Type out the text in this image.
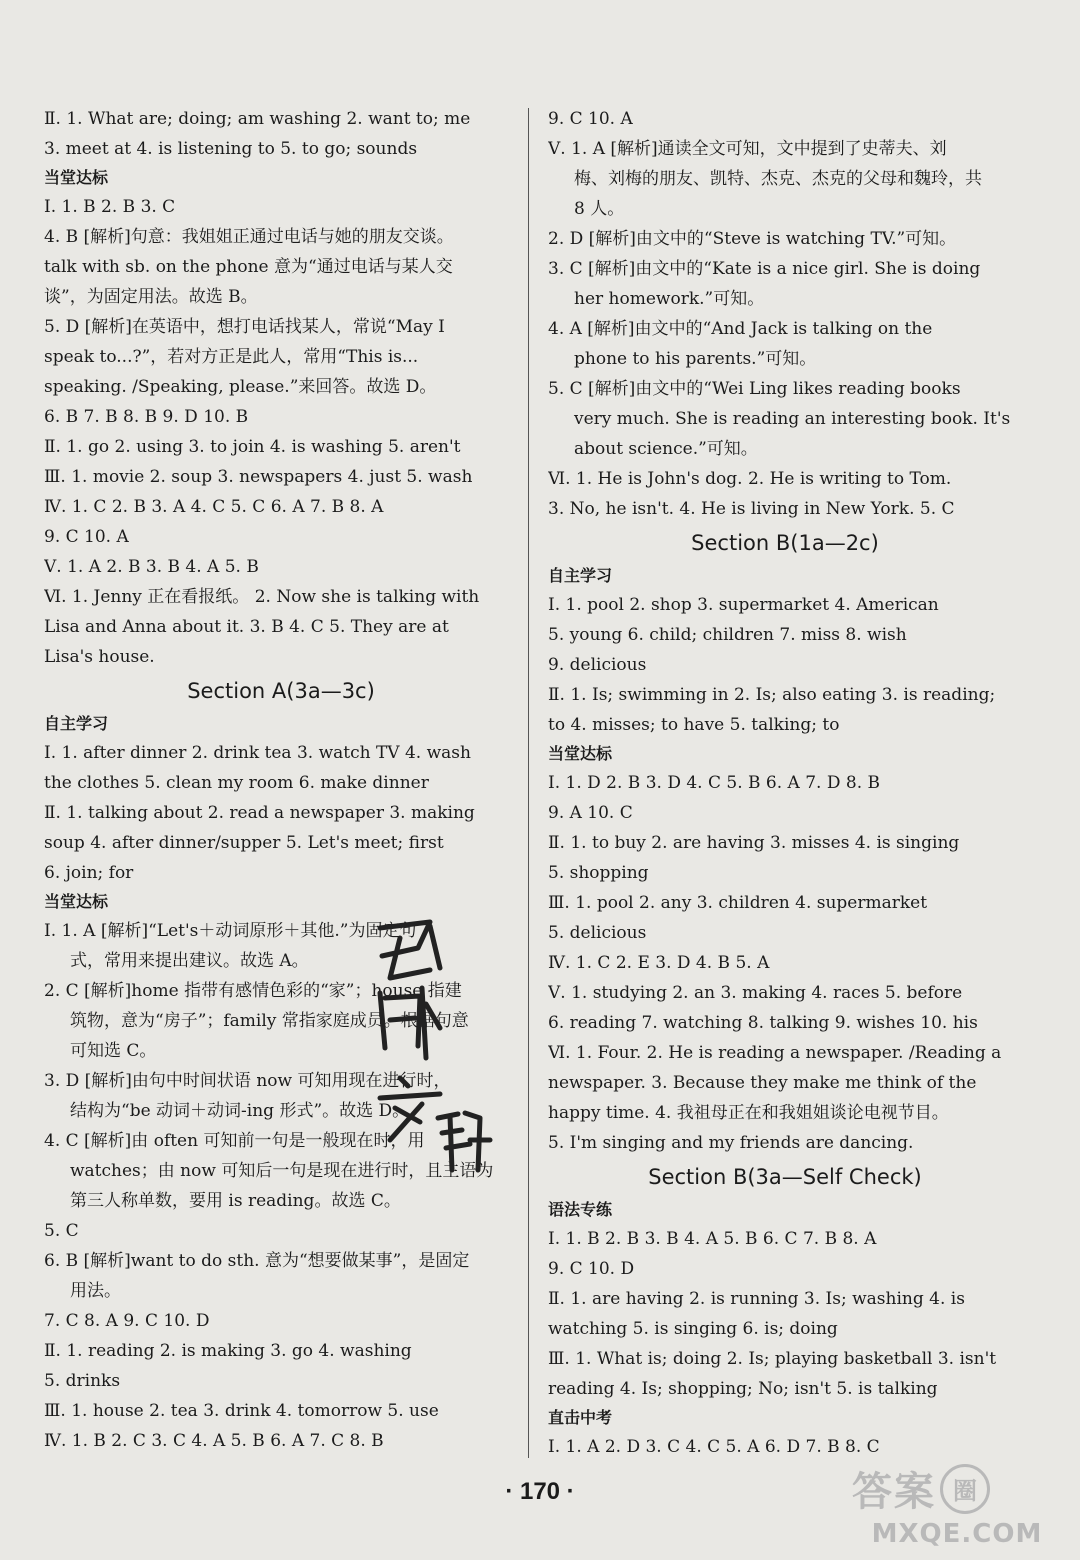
Ⅱ. 1. What are; doing; am washing 2. want to; me
3. meet at 4. is listening to 5. to go; sounds
当堂达标
Ⅰ. 1. B 2. B 3. C
4. B [解析]句意：我姐姐正通过电话与她的朋友交谈。
talk with sb. on the phone 意为“通过电话与某人交
谈”，为固定用法。故选 B。
5. D [解析]在英语中，想打电话找某人，常说“May I
speak to...?”，若对方正是此人，常用“This is...
speaking. /Speaking, please.”来回答。故选 D。
6. B 7. B 8. B 9. D 10. B
Ⅱ. 1. go 2. using 3. to join 4. is washing 5. aren't
Ⅲ. 1. movie 2. soup 3. newspapers 4. just 5. wash
Ⅳ. 1. C 2. B 3. A 4. C 5. C 6. A 7. B 8. A
9. C 10. A
Ⅴ. 1. A 2. B 3. B 4. A 5. B
Ⅵ. 1. Jenny 正在看报纸。 2. Now she is talking with
Lisa and Anna about it. 3. B 4. C 5. They are at
Lisa's house.
Section A(3a—3c)
自主学习
Ⅰ. 1. after dinner 2. drink tea 3. watch TV 4. wash
the clothes 5. clean my room 6. make dinner
Ⅱ. 1. talking about 2. read a newspaper 3. making
soup 4. after dinner/supper 5. Let's meet; first
6. join; for
当堂达标
Ⅰ. 1. A [解析]“Let's＋动词原形＋其他.”为固定句
式，常用来提出建议。故选 A。
2. C [解析]home 指带有感情色彩的“家”；house 指建
筑物，意为“房子”；family 常指家庭成员。根据句意
可知选 C。
3. D [解析]由句中时间状语 now 可知用现在进行时，
结构为“be 动词＋动词-ing 形式”。故选 D。
4. C [解析]由 often 可知前一句是一般现在时，用
watches；由 now 可知后一句是现在进行时，且主语为
第三人称单数，要用 is reading。故选 C。
5. C
6. B [解析]want to do sth. 意为“想要做某事”，是固定
用法。
7. C 8. A 9. C 10. D
Ⅱ. 1. reading 2. is making 3. go 4. washing
5. drinks
Ⅲ. 1. house 2. tea 3. drink 4. tomorrow 5. use
Ⅳ. 1. B 2. C 3. C 4. A 5. B 6. A 7. C 8. B
9. C 10. A
Ⅴ. 1. A [解析]通读全文可知，文中提到了史蒂夫、刘
梅、刘梅的朋友、凯特、杰克、杰克的父母和魏玲，共
8 人。
2. D [解析]由文中的“Steve is watching TV.”可知。
3. C [解析]由文中的“Kate is a nice girl. She is doing
her homework.”可知。
4. A [解析]由文中的“And Jack is talking on the
phone to his parents.”可知。
5. C [解析]由文中的“Wei Ling likes reading books
very much. She is reading an interesting book. It's
about science.”可知。
Ⅵ. 1. He is John's dog. 2. He is writing to Tom.
3. No, he isn't. 4. He is living in New York. 5. C
Section B(1a—2c)
自主学习
Ⅰ. 1. pool 2. shop 3. supermarket 4. American
5. young 6. child; children 7. miss 8. wish
9. delicious
Ⅱ. 1. Is; swimming in 2. Is; also eating 3. is reading;
to 4. misses; to have 5. talking; to
当堂达标
Ⅰ. 1. D 2. B 3. D 4. C 5. B 6. A 7. D 8. B
9. A 10. C
Ⅱ. 1. to buy 2. are having 3. misses 4. is singing
5. shopping
Ⅲ. 1. pool 2. any 3. children 4. supermarket
5. delicious
Ⅳ. 1. C 2. E 3. D 4. B 5. A
Ⅴ. 1. studying 2. an 3. making 4. races 5. before
6. reading 7. watching 8. talking 9. wishes 10. his
Ⅵ. 1. Four. 2. He is reading a newspaper. /Reading a
newspaper. 3. Because they make me think of the
happy time. 4. 我祖母正在和我姐姐谈论电视节目。
5. I'm singing and my friends are dancing.
Section B(3a—Self Check)
语法专练
Ⅰ. 1. B 2. B 3. B 4. A 5. B 6. C 7. B 8. A
9. C 10. D
Ⅱ. 1. are having 2. is running 3. Is; washing 4. is
watching 5. is singing 6. is; doing
Ⅲ. 1. What is; doing 2. Is; playing basketball 3. isn't
reading 4. Is; shopping; No; isn't 5. is talking
直击中考
Ⅰ. 1. A 2. D 3. C 4. C 5. A 6. D 7. B 8. C
· 170 ·	答案 圈
MXQE.COM
